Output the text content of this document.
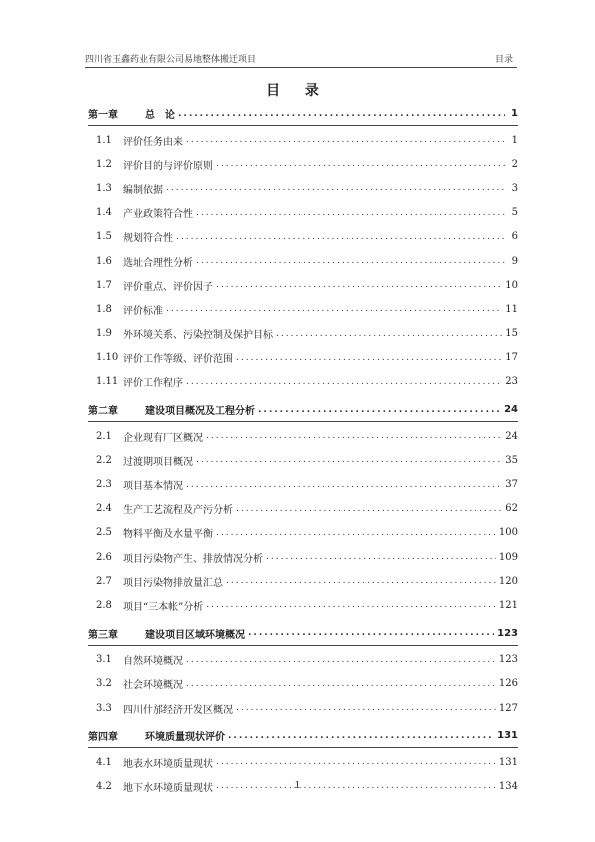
四川省玉鑫药业有限公司易地整体搬迁项目	目录
目 录
第一章	总　论 .....	1
1.1	评价任务由来 .....	1
1.2	评价目的与评价原则 .....	2
1.3	编制依据 .....	3
1.4	产业政策符合性 .....	5
1.5	规划符合性 .....	6
1.6	选址合理性分析 .....	9
1.7	评价重点、评价因子 .....	10
1.8	评价标准 .....	11
1.9	外环境关系、污染控制及保护目标 .....	15
1.10 评价工作等级、评价范围 .....	17
1.11 评价工作程序 .....	23
第二章	建设项目概况及工程分析 .....	24
2.1	企业现有厂区概况 .....	24
2.2	过渡期项目概况 .....	35
2.3	项目基本情况 .....	37
2.4	生产工艺流程及产污分析 .....	62
2.5	物料平衡及水量平衡 .....	100
2.6	项目污染物产生、排放情况分析 .....	109
2.7	项目污染物排放量汇总 .....	120
2.8	项目“三本帐”分析 .....	121
第三章	建设项目区域环境概况 .....	123
3.1	自然环境概况 .....	123
3.2	社会环境概况 .....	126
3.3	四川什邡经济开发区概况 .....	127
第四章	环境质量现状评价 .....	131
4.1	地表水环境质量现状 .....	131
4.2	地下水环境质量现状 .....	134
1
